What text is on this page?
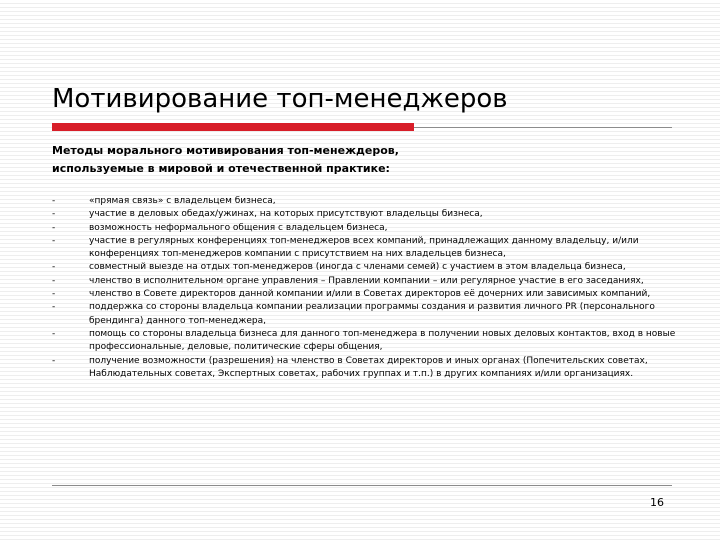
Мотивирование топ-менеджеров
Методы морального мотивирования топ-менеждеров,
используемые в мировой и отечественной практике:
-	«прямая связь» с владельцем бизнеса,
-	участие в деловых обедах/ужинах, на которых присутствуют владельцы бизнеса,
-	возможность неформального общения с владельцем бизнеса,
-	участие в регулярных конференциях топ-менеджеров всех компаний, принадлежащих данному владельцу, и/или конференциях топ-менеджеров компании с присутствием на них владельцев бизнеса,
-	совместный выезде на отдых топ-менеджеров (иногда с членами семей) с участием в этом владельца бизнеса,
-	членство в исполнительном органе управления – Правлении компании – или регулярное участие в его заседаниях,
-	членство в Совете директоров данной компании и/или в Советах директоров её дочерних или зависимых компаний,
-	поддержка со стороны владельца компании реализации программы создания и развития личного PR (персонального брендинга) данного топ-менеджера,
-	помощь со стороны владельца бизнеса для данного топ-менеджера в получении новых деловых контактов, вход в новые профессиональные, деловые, политические сферы общения,
-	получение возможности (разрешения) на членство в Советах директоров и иных органах (Попечительских советах, Наблюдательных советах, Экспертных советах, рабочих группах и т.п.) в других компаниях и/или организациях.
16
